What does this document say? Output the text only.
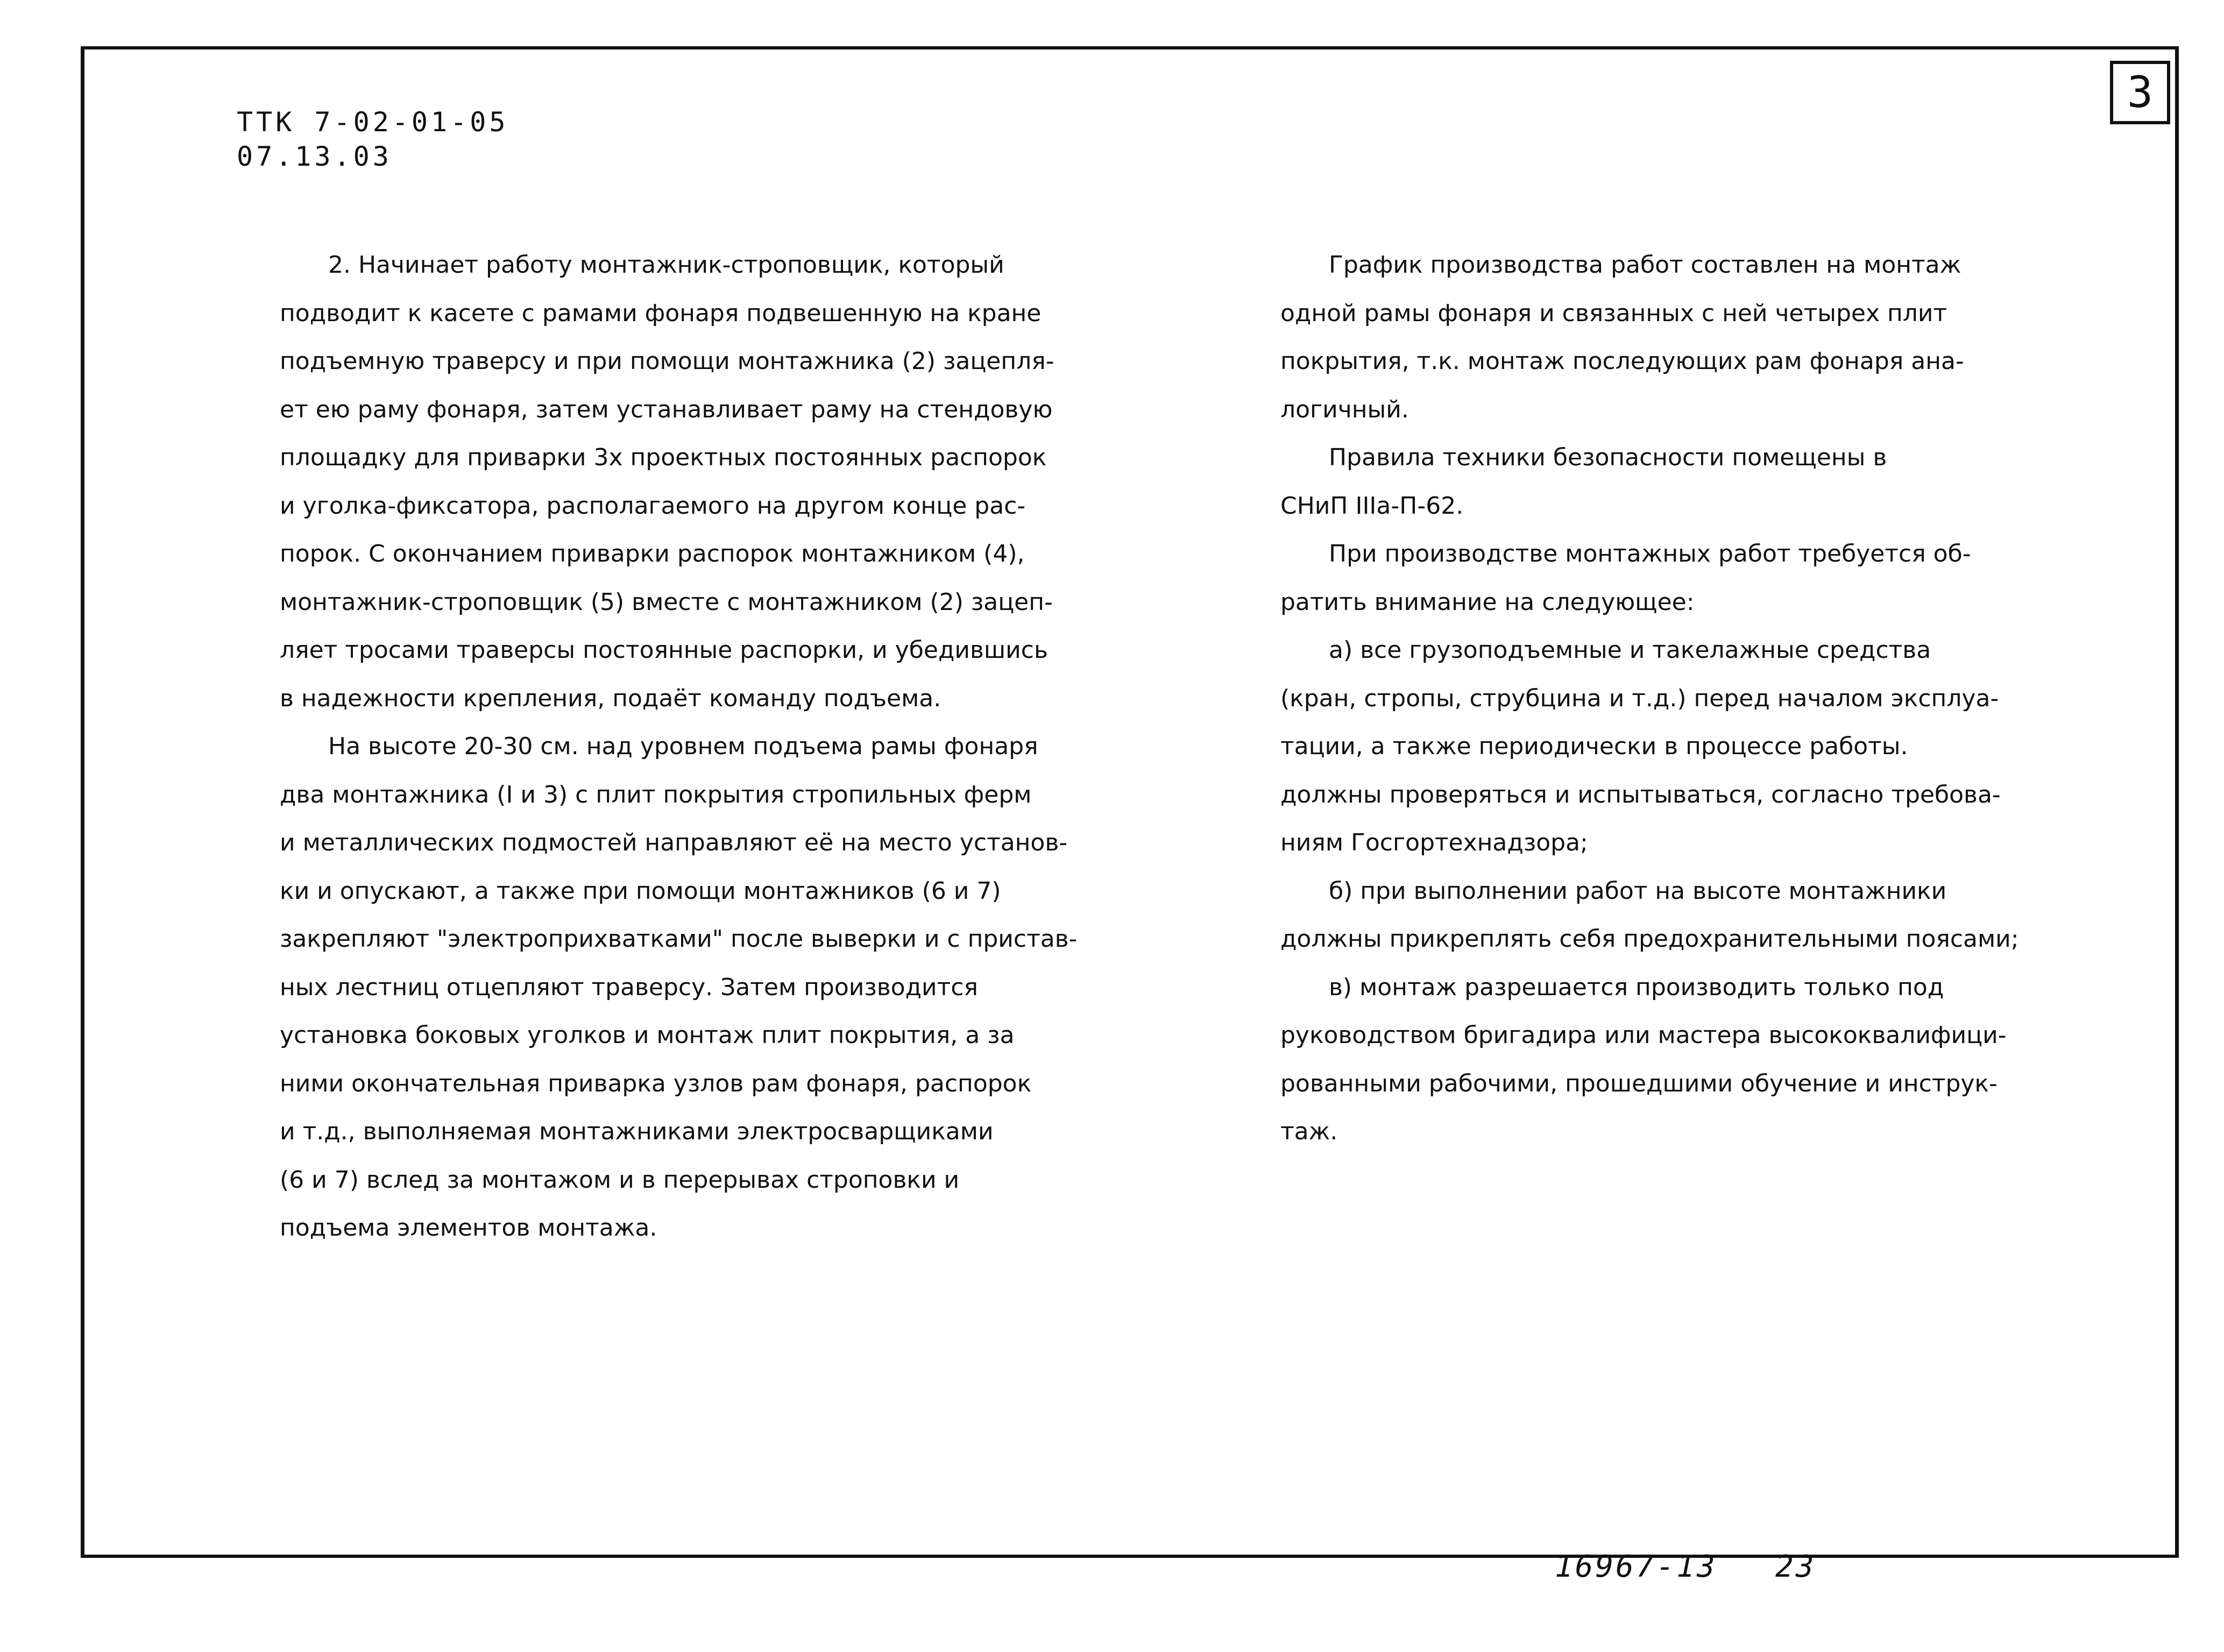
3
ТТК 7-02-01-05
07.13.03

2. Начинает работу монтажник-строповщик, который

подводит к касете с рамами фонаря подвешенную на кране

подъемную траверсу и при помощи монтажника (2) зацепля-

ет ею раму фонаря, затем устанавливает раму на стендовую

площадку для приварки 3х проектных постоянных распорок

и уголка-фиксатора, располагаемого на другом конце рас-

порок. С окончанием приварки распорок монтажником (4),

монтажник-строповщик (5) вместе с монтажником (2) зацеп-

ляет тросами траверсы постоянные распорки, и убедившись

в надежности крепления, подаёт команду подъема.

На высоте 20-30 см. над уровнем подъема рамы фонаря

два монтажника (I и 3) с плит покрытия стропильных ферм

и металлических подмостей направляют её на место установ-

ки и опускают, а также при помощи монтажников (6 и 7)

закрепляют "электроприхватками" после выверки и с пристав-

ных лестниц отцепляют траверсу. Затем производится

установка боковых уголков и монтаж плит покрытия, а за

ними окончательная приварка узлов рам фонаря, распорок

и т.д., выполняемая монтажниками электросварщиками

(6 и 7) вслед за монтажом и в перерывах строповки и

подъема элементов монтажа.

График производства работ составлен на монтаж

одной рамы фонаря и связанных с ней четырех плит

покрытия, т.к. монтаж последующих рам фонаря ана-

логичный.

Правила техники безопасности помещены в

СНиП IIIа-П-62.

При производстве монтажных работ требуется об-

ратить внимание на следующее:

а) все грузоподъемные и такелажные средства

(кран, стропы, струбцина и т.д.) перед началом эксплуа-

тации, а также периодически в процессе работы.

должны проверяться и испытываться, согласно требова-

ниям Госгортехнадзора;

б) при выполнении работ на высоте монтажники

должны прикреплять себя предохранительными поясами;

в) монтаж разрешается производить только под

руководством бригадира или мастера высококвалифици-

рованными рабочими, прошедшими обучение и инструк-

таж.

16967-13 23
